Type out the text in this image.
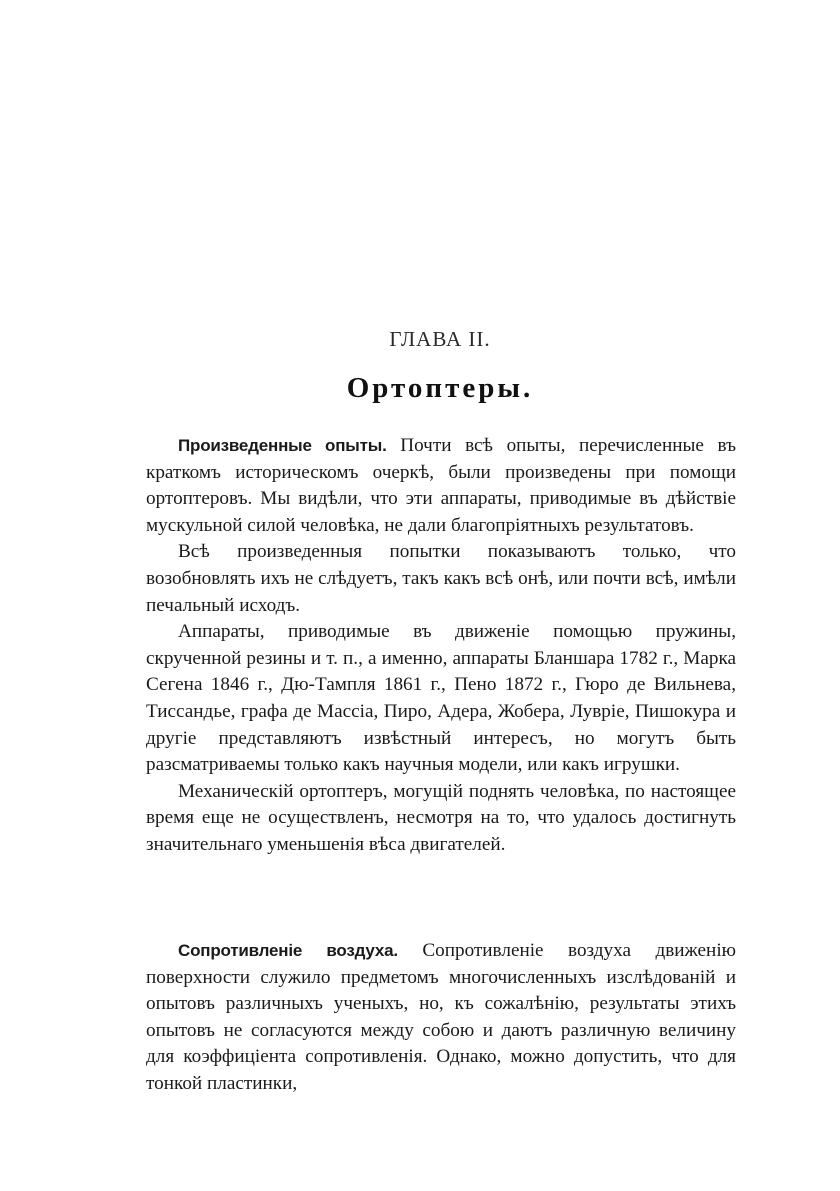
ГЛАВА II.
Ортоптеры.

Произведенные опыты. Почти всѣ опыты, перечисленные въ краткомъ историческомъ очеркѣ, были произведены при помощи ортоптеровъ. Мы видѣли, что эти аппараты, приводимые въ дѣйствіе мускульной силой человѣка, не дали благопріятныхъ результатовъ.

Всѣ произведенныя попытки показываютъ только, что возобновлять ихъ не слѣдуетъ, такъ какъ всѣ онѣ, или почти всѣ, имѣли печальный исходъ.

Аппараты, приводимые въ движеніе помощью пружины, скрученной резины и т. п., а именно, аппараты Бланшара 1782 г., Марка Сегена 1846 г., Дю-Тампля 1861 г., Пено 1872 г., Гюро де Вильнева, Тиссандье, графа де Массіа, Пиро, Адера, Жобера, Луврiе, Пишокура и другіе представляютъ извѣстный интересъ, но могутъ быть разсматриваемы только какъ научныя модели, или какъ игрушки.

Механическій ортоптеръ, могущій поднять человѣка, по настоящее время еще не осуществленъ, несмотря на то, что удалось достигнуть значительнаго уменьшенія вѣса двигателей.

Сопротивленіе воздуха. Сопротивленіе воздуха движенію поверхности служило предметомъ многочисленныхъ изслѣдованій и опытовъ различныхъ ученыхъ, но, къ сожалѣнію, результаты этихъ опытовъ не согласуются между собою и даютъ различную величину для коэффиціента сопротивленія. Однако, можно допустить, что для тонкой пластинки,
